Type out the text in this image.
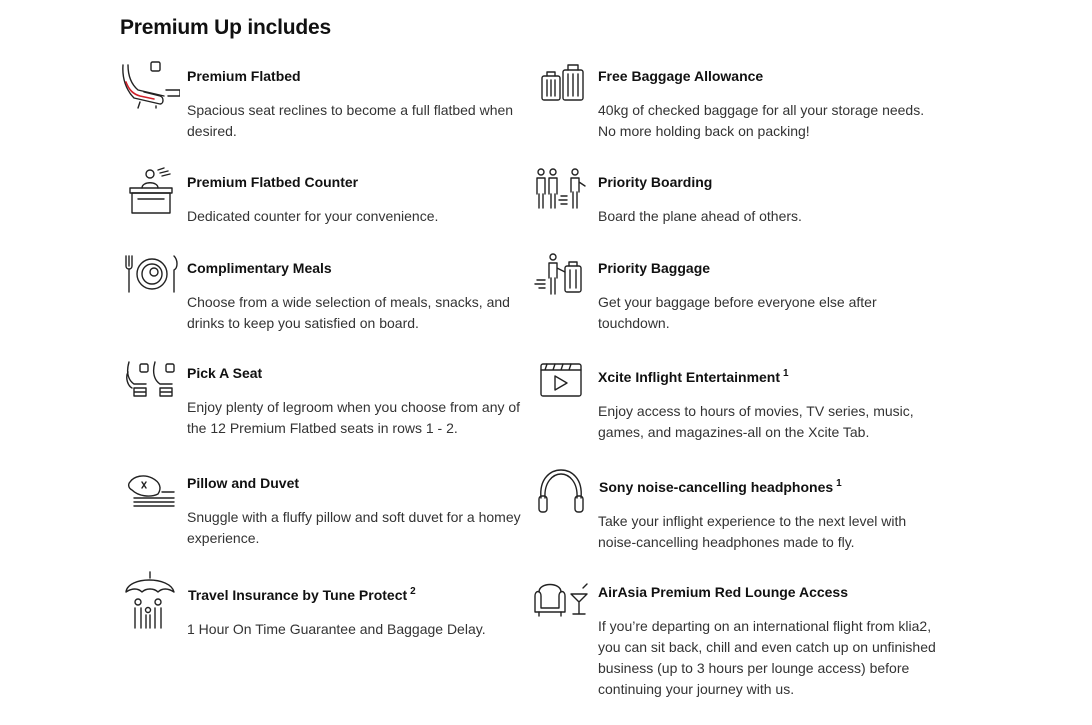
Premium Up includes
Premium Flatbed
Spacious seat reclines to become a full flatbed when desired.
Premium Flatbed Counter
Dedicated counter for your convenience.
Complimentary Meals
Choose from a wide selection of meals, snacks, and drinks to keep you satisfied on board.
Pick A Seat
Enjoy plenty of legroom when you choose from any of the 12 Premium Flatbed seats in rows 1 - 2.
Pillow and Duvet
Snuggle with a fluffy pillow and soft duvet for a homey experience.
Travel Insurance by Tune Protect $^2$
1 Hour On Time Guarantee and Baggage Delay.
Free Baggage Allowance
40kg of checked baggage for all your storage needs. No more holding back on packing!
Priority Boarding
Board the plane ahead of others.
Priority Baggage
Get your baggage before everyone else after touchdown.
Xcite Inflight Entertainment $^1$
Enjoy access to hours of movies, TV series, music, games, and magazines-all on the Xcite Tab.
Sony noise-cancelling headphones $^1$
Take your inflight experience to the next level with noise-cancelling headphones made to fly.
AirAsia Premium Red Lounge Access
If you’re departing on an international flight from klia2, you can sit back, chill and even catch up on unfinished business (up to 3 hours per lounge access) before continuing your journey with us.
